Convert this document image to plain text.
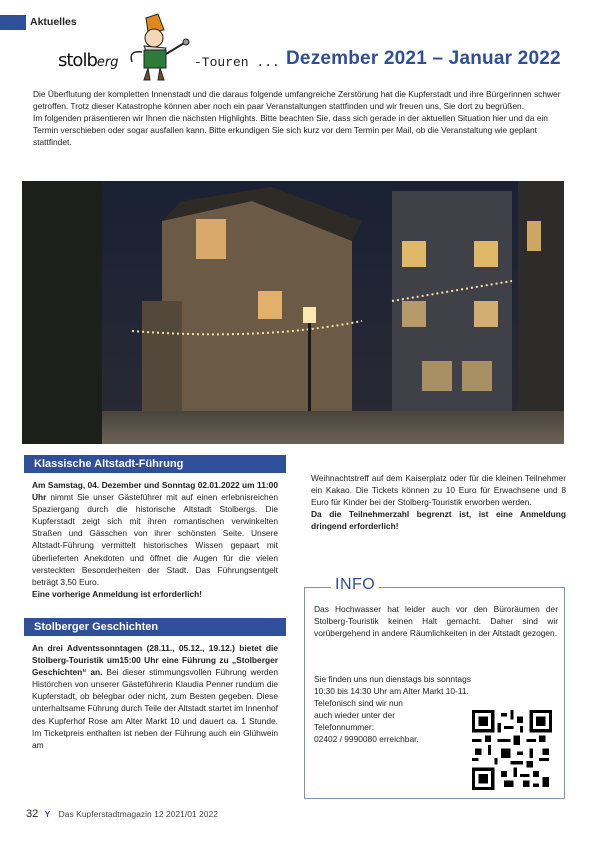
Aktuelles
stolberg	-Touren ... Dezember 2021 – Januar 2022

Die Überflutung der kompletten Innenstadt und die daraus folgende umfangreiche Zerstörung hat die Kupferstadt und ihre Bürgerinnen schwer getroffen. Trotz dieser Katastrophe können aber noch ein paar Veranstaltungen stattfinden und wir freuen uns, Sie dort zu begrüßen.

Im folgenden präsentieren wir Ihnen die nächsten Highlights. Bitte beachten Sie, dass sich gerade in der aktuellen Situation hier und da ein Termin verschieben oder sogar ausfallen kann. Bitte erkundigen Sie sich kurz vor dem Termin per Mail, ob die Veranstaltung wie geplant stattfindet.

Klassische Altstadt-Führung
Am Samstag, 04. Dezember und Sonntag 02.01.2022 um 11:00 Uhr nimmt Sie unser Gästeführer mit auf einen erlebnisreichen Spaziergang durch die historische Altstadt Stolbergs. Die Kupferstadt zeigt sich mit ihren romantischen verwinkelten Straßen und Gässchen von ihrer schönsten Seite. Unsere Altstadt-Führung vermittelt historisches Wissen gepaart mit überlieferten Anekdoten und öffnet die Augen für die vielen versteckten Besonderheiten der Stadt. Das Führungsentgelt beträgt 3,50 Euro.
Eine vorherige Anmeldung ist erforderlich!
Stolberger Geschichten
An drei Adventssonntagen (28.11., 05.12., 19.12.) bietet die Stolberg-Touristik um15:00 Uhr eine Führung zu „Stolberger Geschichten“ an. Bei dieser stimmungsvollen Führung werden Histörchen von unserer Gästeführerin Klaudia Penner rundum die Kupferstadt, ob belegbar oder nicht, zum Besten gegeben. Diese unterhaltsame Führung durch Teile der Altstadt startet im Innenhof des Kupferhof Rose am Alter Markt 10 und dauert ca. 1 Stunde. Im Ticketpreis enthalten ist neben der Führung auch ein Glühwein am
Weihnachtstreff auf dem Kaiserplatz oder für die kleinen Teilnehmer ein Kakao. Die Tickets können zu 10 Euro für Erwachsene und 8 Euro für Kinder bei der Stolberg-Touristik erworben werden.
Da die Teilnehmerzahl begrenzt ist, ist eine Anmeldung dringend erforderlich!
INFO
Das Hochwasser hat leider auch vor den Büroräumen der Stolberg-Touristik keinen Halt gemacht. Daher sind wir vorübergehend in andere Räumlichkeiten in der Altstadt gezogen.
Sie finden uns nun dienstags bis sonntags
10:30 bis 14:30 Uhr am Alter Markt 10-11.
Telefonisch sind wir nun
auch wieder unter der
Telefonnummer:
02402 / 9990080 erreichbar.
32 Y Das Kupferstadtmagazin 12 2021/01 2022
